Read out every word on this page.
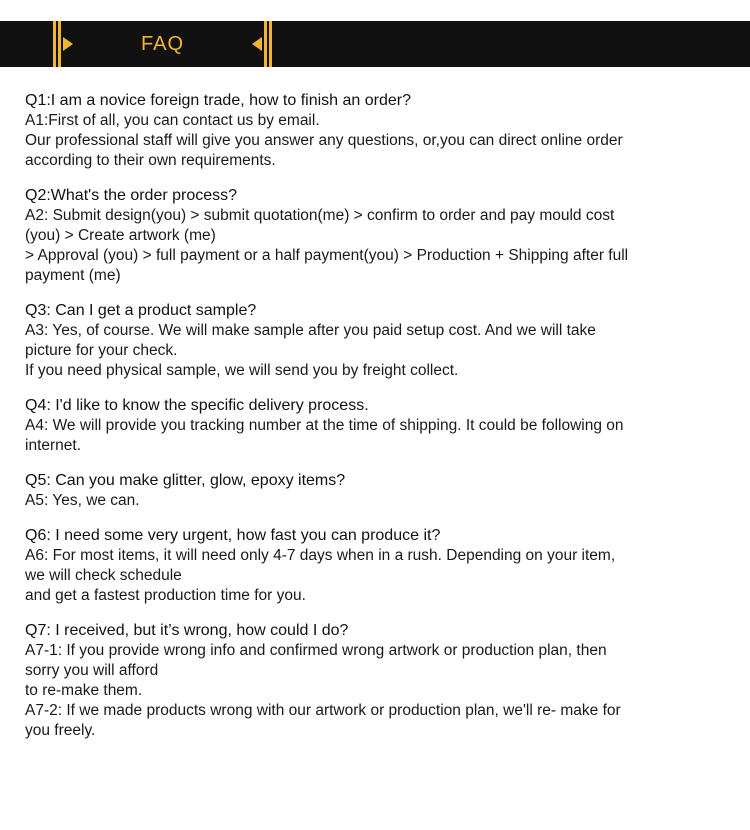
FAQ
Q1:I am a novice foreign trade, how to finish an order?
A1:First of all, you can contact us by email.
Our professional staff will give you answer any questions, or,you can direct online order
according to their own requirements.
Q2:What's the order process?
A2: Submit design(you) > submit quotation(me) > confirm to order and pay mould cost
(you) > Create artwork (me)
> Approval (you) > full payment or a half payment(you) > Production + Shipping after full
payment (me)
Q3: Can I get a product sample?
A3: Yes, of course. We will make sample after you paid setup cost. And we will take
picture for your check.
If you need physical sample, we will send you by freight collect.
Q4: I'd like to know the specific delivery process.
A4: We will provide you tracking number at the time of shipping. It could be following on
internet.
Q5: Can you make glitter, glow, epoxy items?
A5: Yes, we can.
Q6: I need some very urgent, how fast you can produce it?
A6: For most items, it will need only 4-7 days when in a rush. Depending on your item,
we will check schedule
and get a fastest production time for you.
Q7: I received, but it’s wrong, how could I do?
A7-1: If you provide wrong info and confirmed wrong artwork or production plan, then
sorry you will afford
to re-make them.
A7-2: If we made products wrong with our artwork or production plan, we'll re- make for
you freely.
